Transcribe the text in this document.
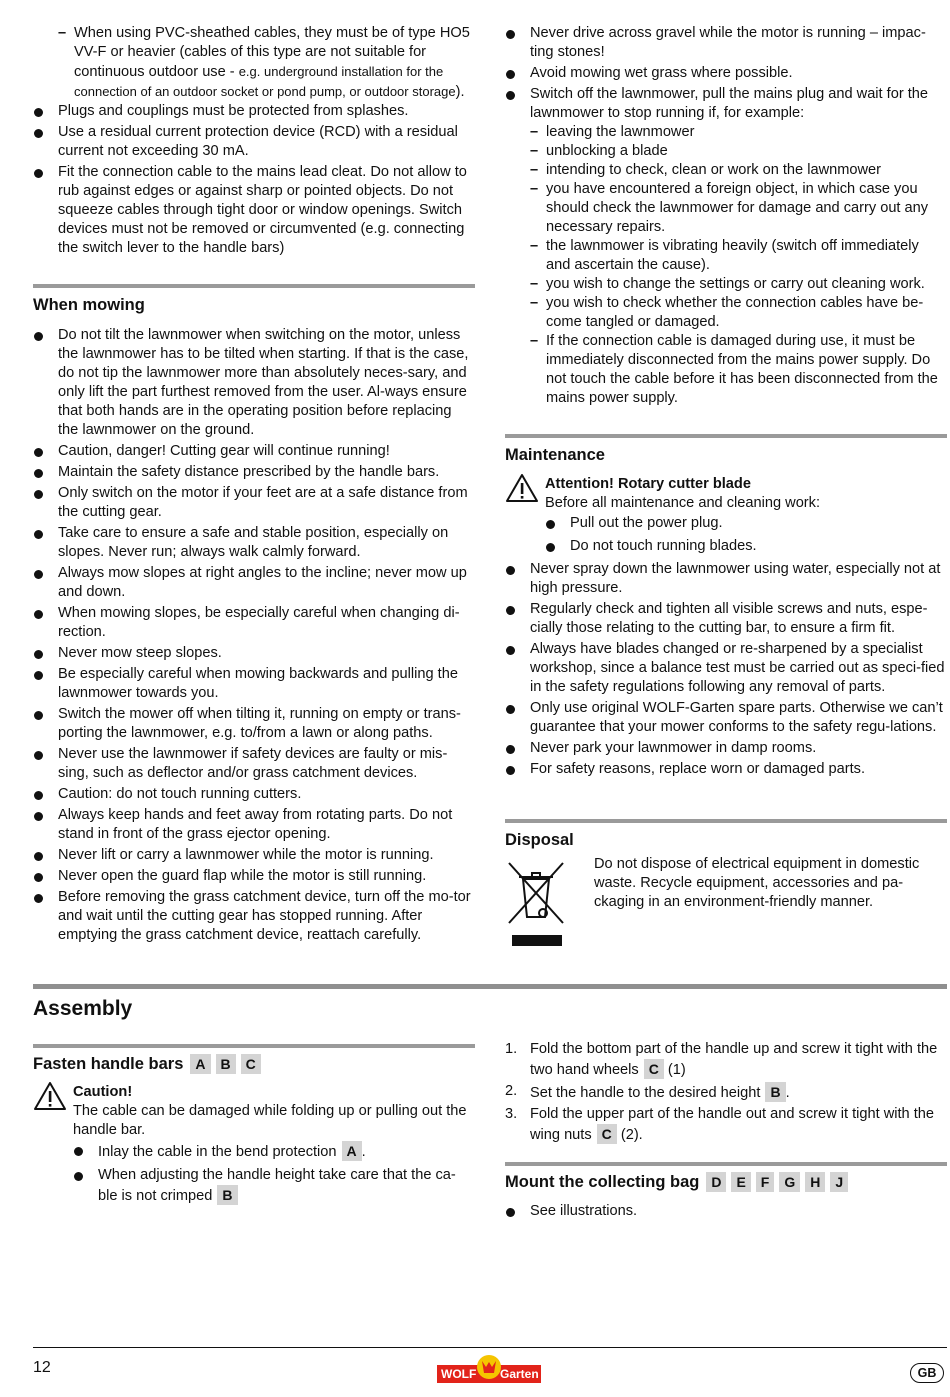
– When using PVC-sheathed cables, they must be of type HO5 VV-F or heavier (cables of this type are not suitable for continuous outdoor use - e.g. underground installation for the connection of an outdoor socket or pond pump, or outdoor storage).
Plugs and couplings must be protected from splashes.
Use a residual current protection device (RCD) with a residual current not exceeding 30 mA.
Fit the connection cable to the mains lead cleat. Do not allow to rub against edges or against sharp or pointed objects. Do not squeeze cables through tight door or window openings. Switch devices must not be removed or circumvented (e.g. connecting the switch lever to the handle bars)
When mowing
Do not tilt the lawnmower when switching on the motor, unless the lawnmower has to be tilted when starting. If that is the case, do not tip the lawnmower more than absolutely neces-sary, and only lift the part furthest removed from the user. Al-ways ensure that both hands are in the operating position before replacing the lawnmower on the ground.
Caution, danger! Cutting gear will continue running!
Maintain the safety distance prescribed by the handle bars.
Only switch on the motor if your feet are at a safe distance from the cutting gear.
Take care to ensure a safe and stable position, especially on slopes. Never run; always walk calmly forward.
Always mow slopes at right angles to the incline; never mow up and down.
When mowing slopes, be especially careful when changing di-rection.
Never mow steep slopes.
Be especially careful when mowing backwards and pulling the lawnmower towards you.
Switch the mower off when tilting it, running on empty or trans-porting the lawnmower, e.g. to/from a lawn or along paths.
Never use the lawnmower if safety devices are faulty or mis-sing, such as deflector and/or grass catchment devices.
Caution: do not touch running cutters.
Always keep hands and feet away from rotating parts. Do not stand in front of the grass ejector opening.
Never lift or carry a lawnmower while the motor is running.
Never open the guard flap while the motor is still running.
Before removing the grass catchment device, turn off the mo-tor and wait until the cutting gear has stopped running. After emptying the grass catchment device, reattach carefully.
Never drive across gravel while the motor is running – impac-ting stones!
Avoid mowing wet grass where possible.
Switch off the lawnmower, pull the mains plug and wait for the lawnmower to stop running if, for example:
– leaving the lawnmower
– unblocking a blade
– intending to check, clean or work on the lawnmower
– you have encountered a foreign object, in which case you should check the lawnmower for damage and carry out any necessary repairs.
– the lawnmower is vibrating heavily (switch off immediately and ascertain the cause).
– you wish to change the settings or carry out cleaning work.
– you wish to check whether the connection cables have be-come tangled or damaged.
– If the connection cable is damaged during use, it must be immediately disconnected from the mains power supply. Do not touch the cable before it has been disconnected from the mains power supply.
Maintenance
Attention! Rotary cutter blade
Before all maintenance and cleaning work:
Pull out the power plug.
Do not touch running blades.
Never spray down the lawnmower using water, especially not at high pressure.
Regularly check and tighten all visible screws and nuts, espe-cially those relating to the cutting bar, to ensure a firm fit.
Always have blades changed or re-sharpened by a specialist workshop, since a balance test must be carried out as speci-fied in the safety regulations following any removal of parts.
Only use original WOLF-Garten spare parts. Otherwise we can’t guarantee that your mower conforms to the safety regu-lations.
Never park your lawnmower in damp rooms.
For safety reasons, replace worn or damaged parts.
Disposal

Do not dispose of electrical equipment in domestic waste. Recycle equipment, accessories and pa-ckaging in an environment-friendly manner.

Assembly
Fasten handle bars A B C
Caution!
The cable can be damaged while folding up or pulling out the handle bar.
Inlay the cable in the bend protection A .
When adjusting the handle height take care that the ca-ble is not crimped B
1. Fold the bottom part of the handle up and screw it tight with the two hand wheels C (1)
2. Set the handle to the desired height B .
3. Fold the upper part of the handle out and screw it tight with the wing nuts C (2).
Mount the collecting bag D E F G H J
See illustrations.
12	WOLF Garten	GB
